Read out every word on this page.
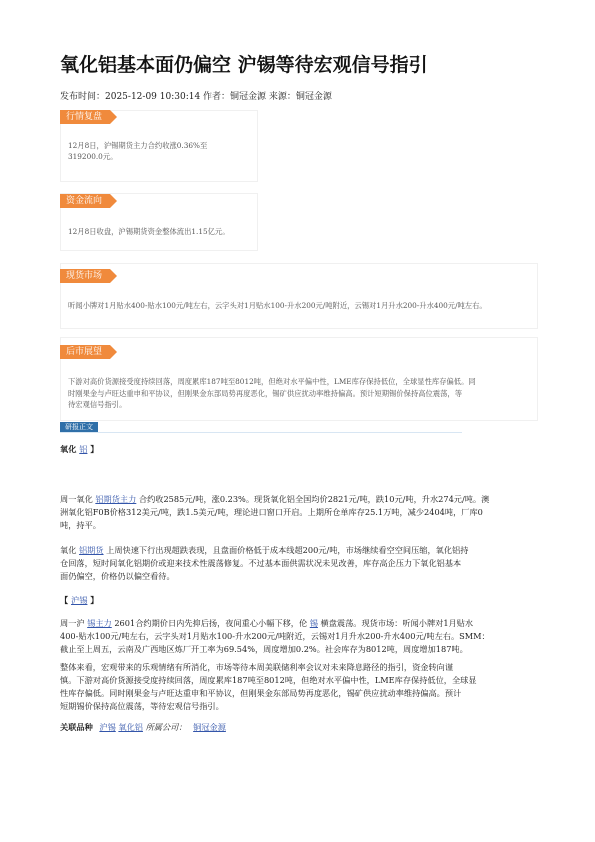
氧化铝基本面仍偏空 沪锡等待宏观信号指引
发布时间：2025-12-09 10:30:14 作者：铜冠金源 来源：铜冠金源
行情复盘
12月8日，沪锡期货主力合约收涨0.36%至
319200.0元。
资金流向
12月8日收盘，沪锡期货资金整体流出1.15亿元。
现货市场
听闻小牌对1月贴水400-贴水100元/吨左右，云字头对1月贴水100-升水200元/吨附近，云锡对1月升水200-升水400元/吨左右。
后市展望
下游对高价货源接受度持续回落，周度累库187吨至8012吨，但绝对水平偏中性，LME库存保持低位，全球显性库存偏低。同
时刚果金与卢旺达重申和平协议，但刚果金东部局势再度恶化，锡矿供应扰动率维持偏高。预计短期锡价保持高位震荡，等
待宏观信号指引。
研报正文
氧化 铝 】
周一氧化 铝期货主力 合约收2585元/吨，涨0.23%。现货氧化铝全国均价2821元/吨，跌10元/吨，升水274元/吨。澳
洲氧化铝F0B价格312美元/吨，跌1.5美元/吨，理论进口窗口开启。上期所仓单库存25.1万吨，减少2404吨，厂库0
吨，持平。
氧化 铝期货 上周快速下行出现超跌表现，且盘面价格低于成本线超200元/吨，市场继续看空空间压缩，氧化铝持
仓回落，短时间氧化铝期价或迎来技术性震荡修复。不过基本面供需状况未见改善，库存高企压力下氧化铝基本
面仍偏空，价格仍以偏空看待。
【 沪锡 】
周一沪 锡主力 2601合约期价日内先抑后扬，夜间重心小幅下移，伦 锡 横盘震荡。现货市场：听闻小牌对1月贴水
400-贴水100元/吨左右，云字头对1月贴水100-升水200元/吨附近，云锡对1月升水200-升水400元/吨左右。SMM：
截止至上周五，云南及广西地区炼厂开工率为69.54%，周度增加0.2%。社会库存为8012吨，周度增加187吨。
整体来看，宏观带来的乐观情绪有所消化，市场等待本周美联储利率会议对未来降息路径的指引，资金转向谨
慎。下游对高价货源接受度持续回落，周度累库187吨至8012吨，但绝对水平偏中性，LME库存保持低位，全球显
性库存偏低。同时刚果金与卢旺达重申和平协议，但刚果金东部局势再度恶化，锡矿供应扰动率维持偏高。预计
短期锡价保持高位震荡，等待宏观信号指引。
关联品种 沪锡 氧化铝 所属公司： 铜冠金源
